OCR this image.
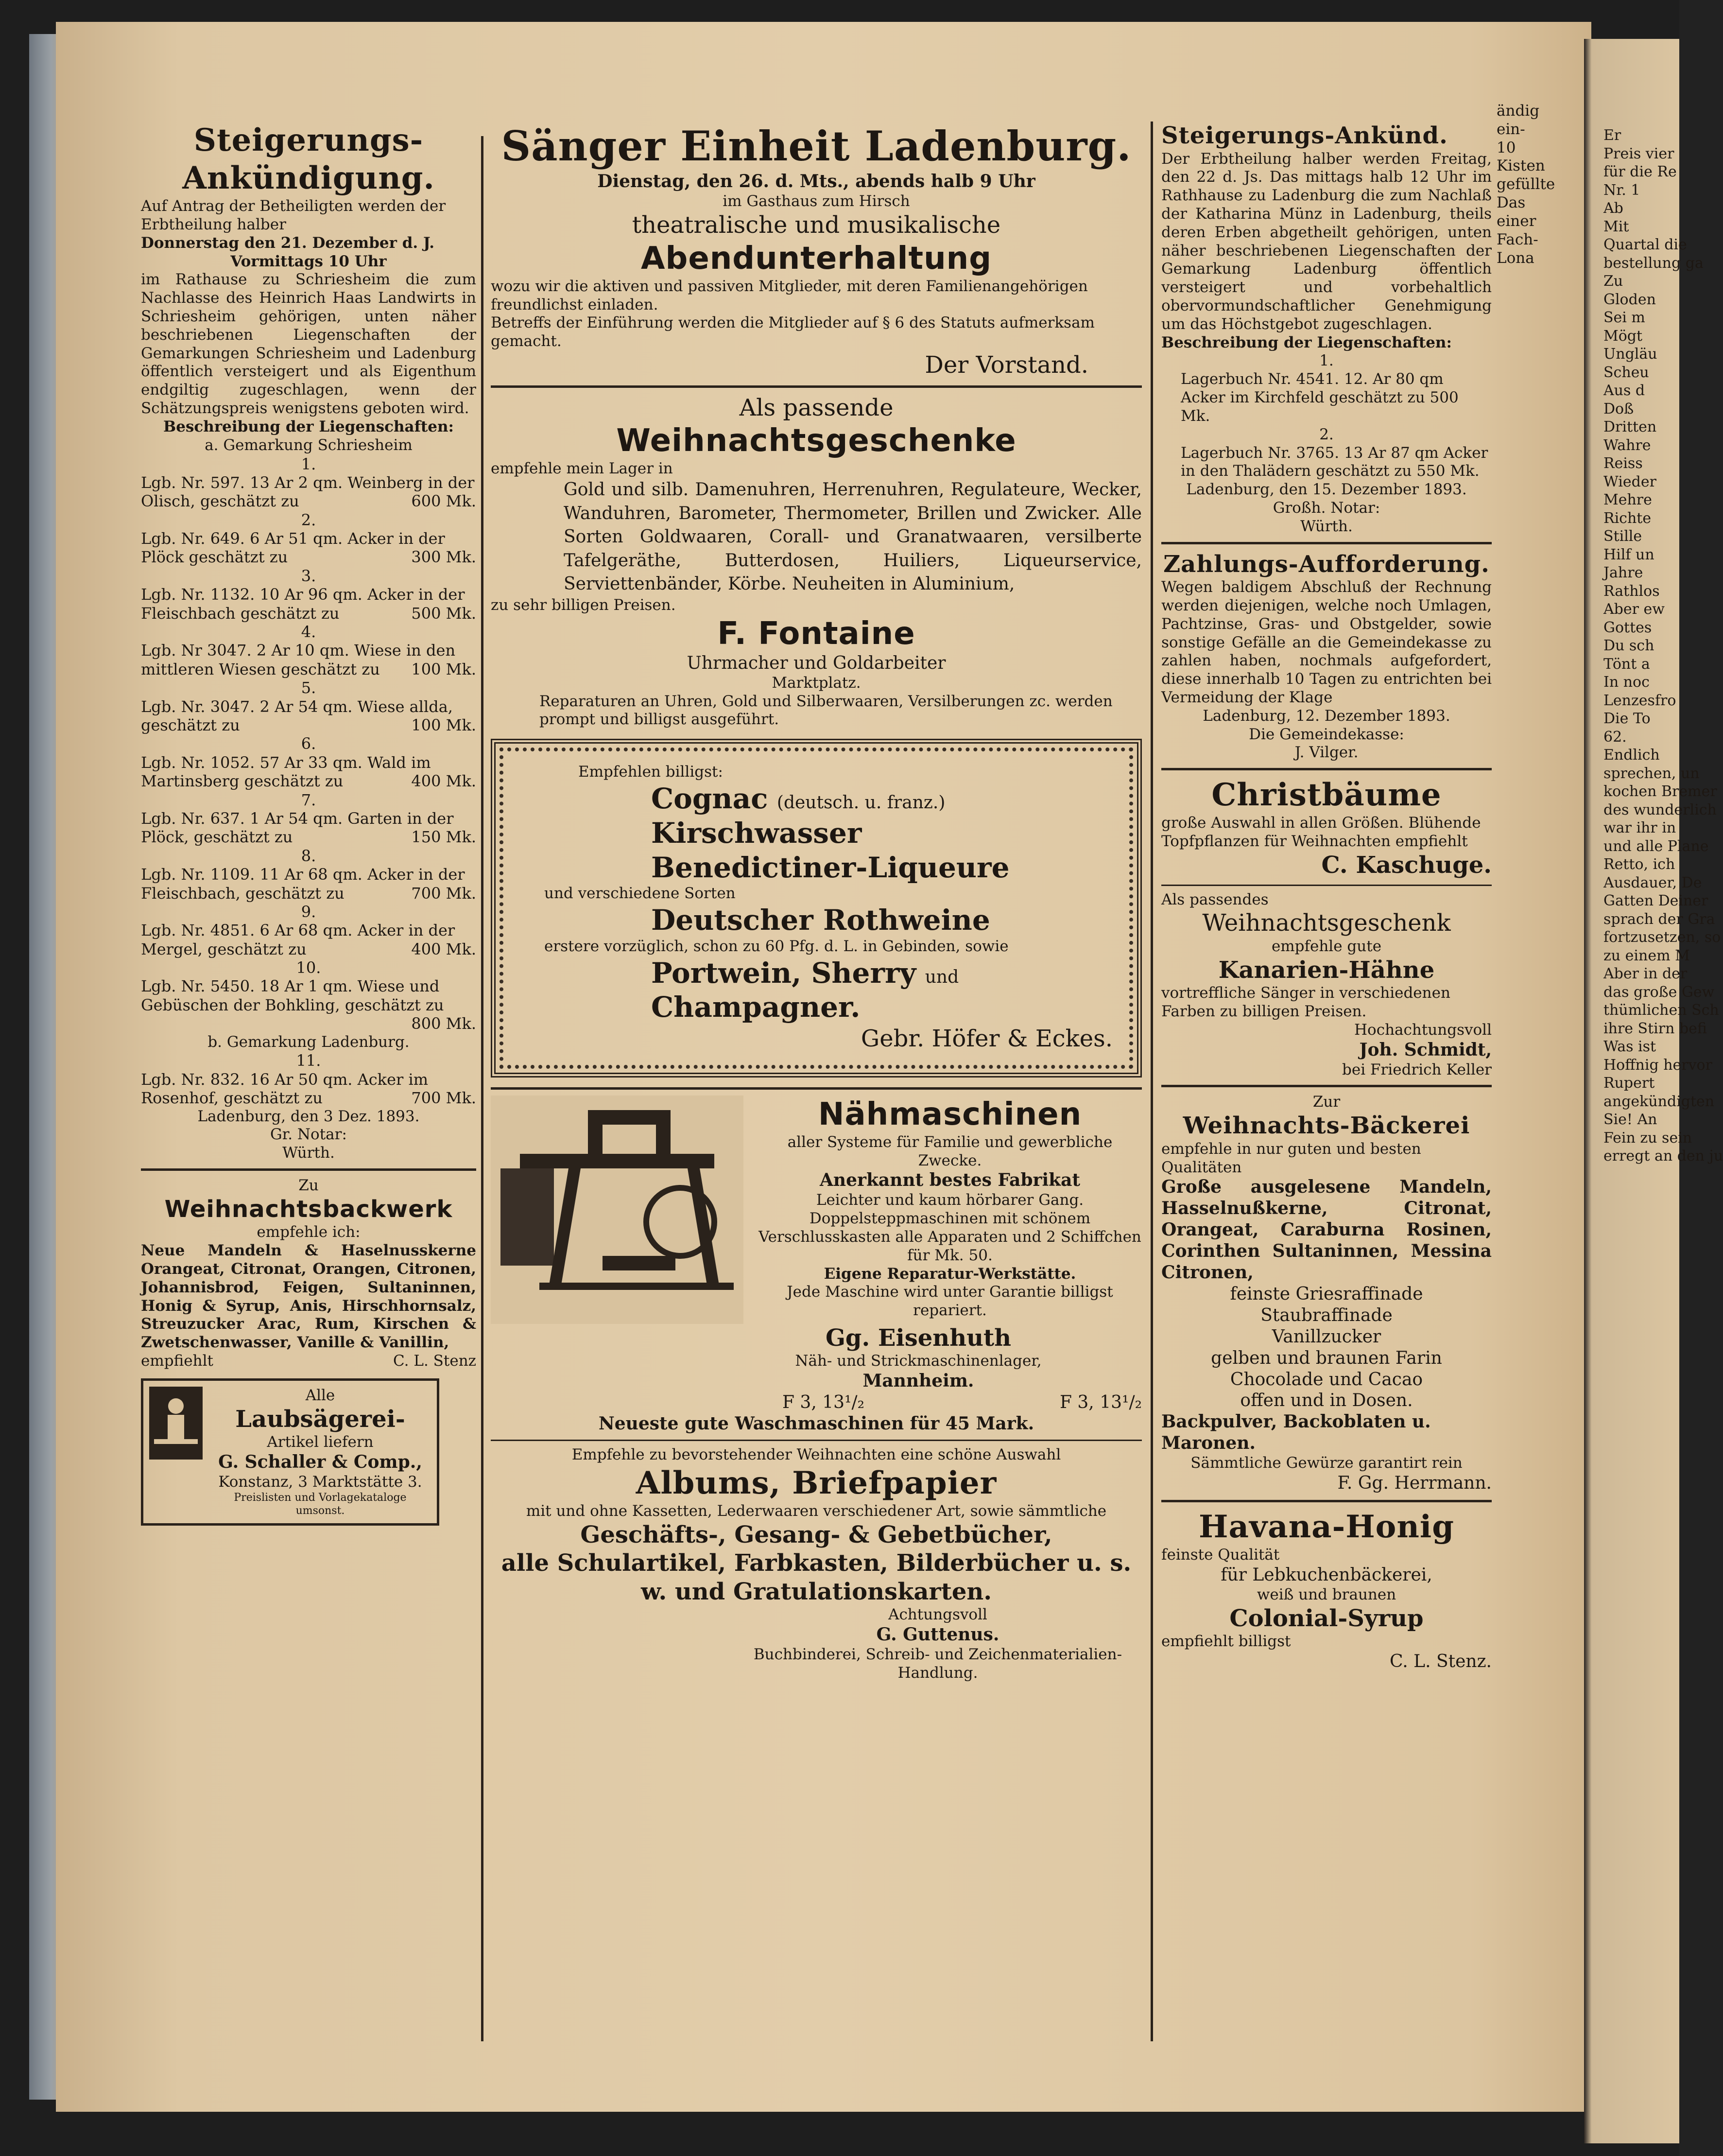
Steigerungs-

Ankündigung.

Auf Antrag der Betheiligten werden der Erbtheilung halber

Donnerstag den 21. Dezember d. J.

Vormittags 10 Uhr

im Rathause zu Schriesheim die zum Nachlasse des Heinrich Haas Landwirts in Schriesheim gehörigen, unten näher beschriebenen Liegenschaften der Gemarkungen Schriesheim und Ladenburg öffentlich versteigert und als Eigenthum endgiltig zugeschlagen, wenn der Schätzungspreis wenigstens geboten wird.

Beschreibung der Liegenschaften:

a. Gemarkung Schriesheim

1.
Lgb. Nr. 597. 13 Ar 2 qm. Weinberg in der Olisch, geschätzt zu	600 Mk.
2.
Lgb. Nr. 649. 6 Ar 51 qm. Acker in der Plöck geschätzt zu	300 Mk.
3.
Lgb. Nr. 1132. 10 Ar 96 qm. Acker in der Fleischbach geschätzt zu	500 Mk.
4.
Lgb. Nr 3047. 2 Ar 10 qm. Wiese in den mittleren Wiesen geschätzt zu 100 Mk.
5.
Lgb. Nr. 3047. 2 Ar 54 qm. Wiese allda, geschätzt zu	100 Mk.
6.
Lgb. Nr. 1052. 57 Ar 33 qm. Wald im Martinsberg geschätzt zu	400 Mk.
7.
Lgb. Nr. 637. 1 Ar 54 qm. Garten in der Plöck, geschätzt zu	150 Mk.
8.
Lgb. Nr. 1109. 11 Ar 68 qm. Acker in der Fleischbach, geschätzt zu	700 Mk.
9.
Lgb. Nr. 4851. 6 Ar 68 qm. Acker in der Mergel, geschätzt zu	400 Mk.
10.
Lgb. Nr. 5450. 18 Ar 1 qm. Wiese und Gebüschen der Bohkling, geschätzt zu
800 Mk.

b. Gemarkung Ladenburg.

11.
Lgb. Nr. 832. 16 Ar 50 qm. Acker im Rosenhof, geschätzt zu	700 Mk.

Ladenburg, den 3 Dez. 1893.

Gr. Notar:

Würth.

Zu

Weihnachtsbackwerk

empfehle ich:

Neue Mandeln & Haselnusskerne Orangeat, Citronat, Orangen, Citronen, Johannisbrod, Feigen, Sultaninnen, Honig & Syrup, Anis, Hirschhornsalz, Streuzucker Arac, Rum, Kirschen & Zwetschenwasser, Vanille & Vanillin,

empfiehlt	C. L. Stenz

Alle

Laubsägerei-

Artikel liefern

G. Schaller & Comp.,

Konstanz, 3 Marktstätte 3.

Preislisten und Vorlagekataloge umsonst.

Sänger Einheit Ladenburg.

Dienstag, den 26. d. Mts., abends halb 9 Uhr

im Gasthaus zum Hirsch

theatralische und musikalische

Abendunterhaltung

wozu wir die aktiven und passiven Mitglieder, mit deren Familienangehörigen freundlichst einladen.

Betreffs der Einführung werden die Mitglieder auf § 6 des Statuts aufmerksam gemacht.

Der Vorstand.

Als passende

Weihnachtsgeschenke

empfehle mein Lager in

Gold und silb. Damenuhren, Herrenuhren, Regulateure, Wecker, Wanduhren, Barometer, Thermometer, Brillen und Zwicker. Alle Sorten Goldwaaren, Corall- und Granatwaaren, versilberte Tafelgeräthe, Butterdosen, Huiliers, Liqueurservice, Serviettenbänder, Körbe. Neuheiten in Aluminium,

zu sehr billigen Preisen.

F. Fontaine

Uhrmacher und Goldarbeiter

Marktplatz.

Reparaturen an Uhren, Gold und Silberwaaren, Versilberungen zc. werden prompt und billigst ausgeführt.

Empfehlen billigst:

Cognac (deutsch. u. franz.)

Kirschwasser

Benedictiner-Liqueure

und verschiedene Sorten

Deutscher Rothweine

erstere vorzüglich, schon zu 60 Pfg. d. L. in Gebinden, sowie

Portwein, Sherry und

Champagner.

Gebr. Höfer & Eckes.

Nähmaschinen

aller Systeme für Familie und gewerbliche Zwecke.

Anerkannt bestes Fabrikat

Leichter und kaum hörbarer Gang.

Doppelsteppmaschinen mit schönem Verschlusskasten alle Apparaten und 2 Schiffchen für Mk. 50.

Eigene Reparatur-Werkstätte.

Jede Maschine wird unter Garantie billigst repariert.

Gg. Eisenhuth

Näh- und Strickmaschinenlager,

Mannheim.

F 3, 13¹/₂	F 3, 13¹/₂

Neueste gute Waschmaschinen für 45 Mark.

Empfehle zu bevorstehender Weihnachten eine schöne Auswahl

Albums, Briefpapier

mit und ohne Kassetten, Lederwaaren verschiedener Art, sowie sämmtliche

Geschäfts-, Gesang- & Gebetbücher,

alle Schulartikel, Farbkasten, Bilderbücher u. s. w. und Gratulationskarten.

Achtungsvoll

G. Guttenus.

Buchbinderei, Schreib- und Zeichenmaterialien-Handlung.

Steigerungs-Ankünd.

Der Erbtheilung halber werden Freitag, den 22 d. Js. Das mittags halb 12 Uhr im Rathhause zu Ladenburg die zum Nachlaß der Katharina Münz in Ladenburg, theils deren Erben abgetheilt gehörigen, unten näher beschriebenen Liegenschaften der Gemarkung Ladenburg öffentlich versteigert und vorbehaltlich obervormundschaftlicher Genehmigung um das Höchstgebot zugeschlagen.

Beschreibung der Liegenschaften:

1.

Lagerbuch Nr. 4541. 12. Ar 80 qm Acker im Kirchfeld geschätzt zu 500 Mk.

2.

Lagerbuch Nr. 3765. 13 Ar 87 qm Acker in den Thalädern geschätzt zu 550 Mk.

Ladenburg, den 15. Dezember 1893.

Großh. Notar:

Würth.

Zahlungs-Aufforderung.

Wegen baldigem Abschluß der Rechnung werden diejenigen, welche noch Umlagen, Pachtzinse, Gras- und Obstgelder, sowie sonstige Gefälle an die Gemeindekasse zu zahlen haben, nochmals aufgefordert, diese innerhalb 10 Tagen zu entrichten bei Vermeidung der Klage

Ladenburg, 12. Dezember 1893.

Die Gemeindekasse:

J. Vilger.

Christbäume

große Auswahl in allen Größen. Blühende Topfpflanzen für Weihnachten empfiehlt

C. Kaschuge.

Als passendes

Weihnachtsgeschenk

empfehle gute

Kanarien-Hähne

vortreffliche Sänger in verschiedenen Farben zu billigen Preisen.

Hochachtungsvoll

Joh. Schmidt,

bei Friedrich Keller

Zur

Weihnachts-Bäckerei

empfehle in nur guten und besten Qualitäten

Große ausgelesene Mandeln, Hasselnußkerne, Citronat, Orangeat, Caraburna Rosinen, Corinthen Sultaninnen, Messina Citronen,

feinste Griesraffinade

Staubraffinade

Vanillzucker

gelben und braunen Farin

Chocolade und Cacao

offen und in Dosen.

Backpulver, Backoblaten u. Maronen.

Sämmtliche Gewürze garantirt rein

F. Gg. Herrmann.

Havana-Honig

feinste Qualität

für Lebkuchenbäckerei,

weiß und braunen

Colonial-Syrup

empfiehlt billigst

C. L. Stenz.

ändig ein-

10 Kisten

gefüllte

Das

einer

Fach-

Lona

Er
Preis vier
für die Re
Nr. 1
Ab
Mit
Quartal die
bestellung ga
Zu
Gloden
Sei m
Mögt
Ungläu
Scheu
Aus d
Doß
Dritten
Wahre
Reiss
Wieder
Mehre
Richte
Stille
Hilf un
Jahre
Rathlos
Aber ew
Gottes
Du sch
Tönt a
In noc
Lenzesfro
Die To
62.
Endlich
sprechen, un
kochen Bremer
des wunderlich
war ihr in
und alle Plane
Retto, ich
Ausdauer, De
Gatten Deiner
sprach der Gra
fortzusetzen, so
zu einem M
Aber in der
das große Gew
thümlichen Sch
ihre Stirn befi
Was ist
Hoffnig hervor
Rupert
angekündigten
Sie! An
Fein zu sein
erregt an den ju
